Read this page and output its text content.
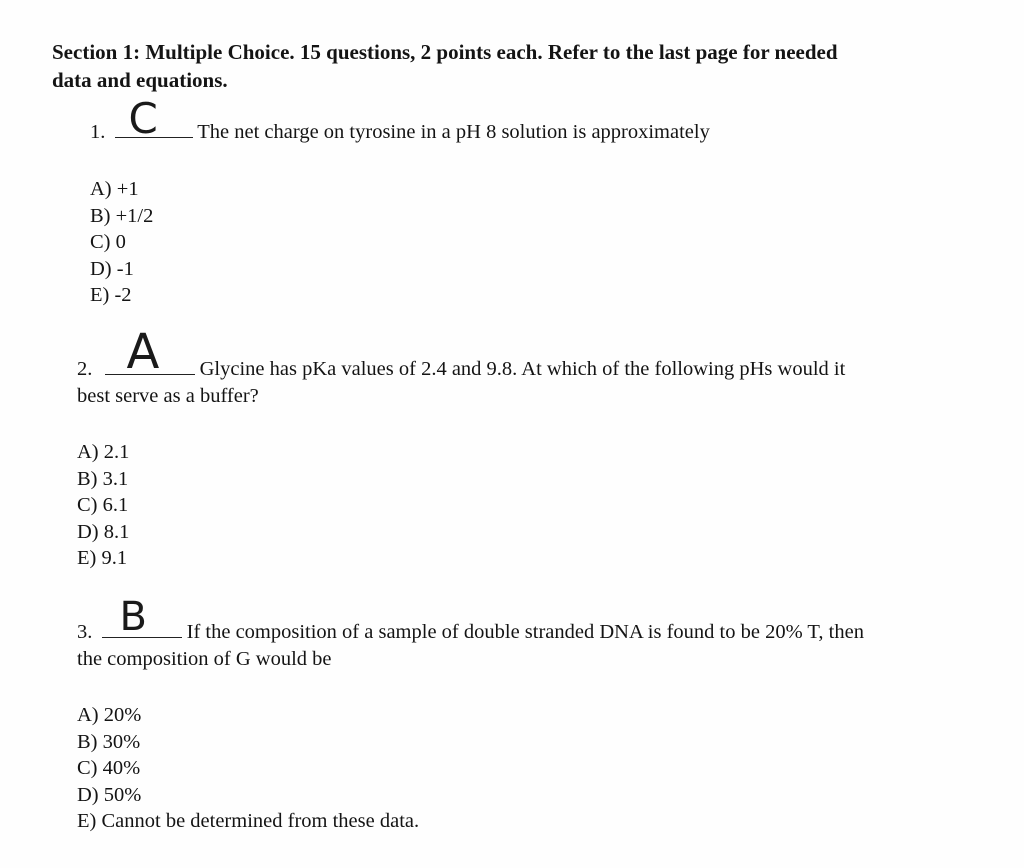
Section 1: Multiple Choice. 15 questions, 2 points each. Refer to the last page for needed
data and equations.
1. C The net charge on tyrosine in a pH 8 solution is approximately
A) +1
B) +1/2
C) 0
D) -1
E) -2
2. A Glycine has pKa values of 2.4 and 9.8. At which of the following pHs would it
best serve as a buffer?
A) 2.1
B) 3.1
C) 6.1
D) 8.1
E) 9.1
3. B If the composition of a sample of double stranded DNA is found to be 20% T, then
the composition of G would be
A) 20%
B) 30%
C) 40%
D) 50%
E) Cannot be determined from these data.
